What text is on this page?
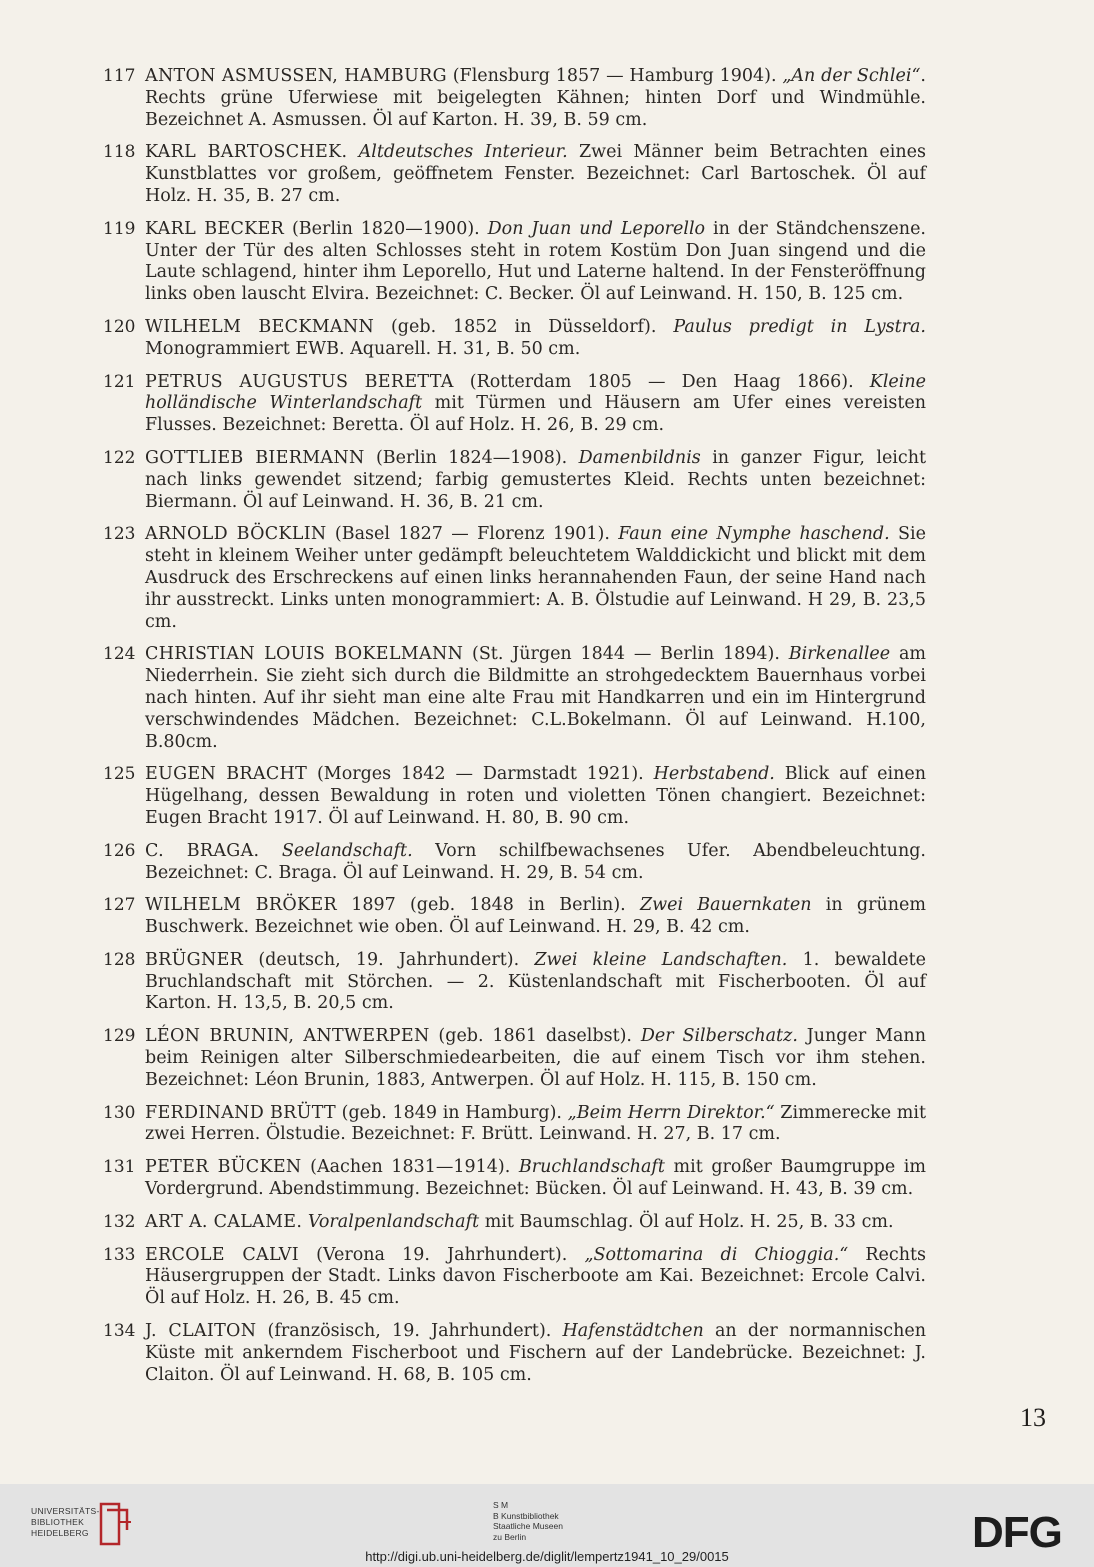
117 ANTON ASMUSSEN, HAMBURG (Flensburg 1857 — Hamburg 1904). „An der Schlei“. Rechts grüne Uferwiese mit beigelegten Kähnen; hinten Dorf und Windmühle. Bezeichnet A. Asmussen. Öl auf Karton. H. 39, B. 59 cm.
118 KARL BARTOSCHEK. Altdeutsches Interieur. Zwei Männer beim Betrachten eines Kunstblattes vor großem, geöffnetem Fenster. Bezeichnet: Carl Bartoschek. Öl auf Holz. H. 35, B. 27 cm.
119 KARL BECKER (Berlin 1820—1900). Don Juan und Leporello in der Ständchenszene. Unter der Tür des alten Schlosses steht in rotem Kostüm Don Juan singend und die Laute schlagend, hinter ihm Leporello, Hut und Laterne haltend. In der Fensteröffnung links oben lauscht Elvira. Bezeichnet: C. Becker. Öl auf Leinwand. H. 150, B. 125 cm.
120 WILHELM BECKMANN (geb. 1852 in Düsseldorf). Paulus predigt in Lystra. Monogrammiert EWB. Aquarell. H. 31, B. 50 cm.
121 PETRUS AUGUSTUS BERETTA (Rotterdam 1805 — Den Haag 1866). Kleine holländische Winterlandschaft mit Türmen und Häusern am Ufer eines vereisten Flusses. Bezeichnet: Beretta. Öl auf Holz. H. 26, B. 29 cm.
122 GOTTLIEB BIERMANN (Berlin 1824—1908). Damenbildnis in ganzer Figur, leicht nach links gewendet sitzend; farbig gemustertes Kleid. Rechts unten bezeichnet: Biermann. Öl auf Leinwand. H. 36, B. 21 cm.
123 ARNOLD BÖCKLIN (Basel 1827 — Florenz 1901). Faun eine Nymphe haschend. Sie steht in kleinem Weiher unter gedämpft beleuchtetem Walddickicht und blickt mit dem Ausdruck des Erschreckens auf einen links herannahenden Faun, der seine Hand nach ihr ausstreckt. Links unten monogrammiert: A. B. Ölstudie auf Leinwand. H 29, B. 23,5 cm.
124 CHRISTIAN LOUIS BOKELMANN (St. Jürgen 1844 — Berlin 1894). Birkenallee am Niederrhein. Sie zieht sich durch die Bildmitte an strohgedecktem Bauernhaus vorbei nach hinten. Auf ihr sieht man eine alte Frau mit Handkarren und ein im Hintergrund verschwindendes Mädchen. Bezeichnet: C.L.Bokelmann. Öl auf Leinwand. H.100, B.80cm.
125 EUGEN BRACHT (Morges 1842 — Darmstadt 1921). Herbstabend. Blick auf einen Hügelhang, dessen Bewaldung in roten und violetten Tönen changiert. Bezeichnet: Eugen Bracht 1917. Öl auf Leinwand. H. 80, B. 90 cm.
126 C. BRAGA. Seelandschaft. Vorn schilfbewachsenes Ufer. Abendbeleuchtung. Bezeichnet: C. Braga. Öl auf Leinwand. H. 29, B. 54 cm.
127 WILHELM BRÖKER 1897 (geb. 1848 in Berlin). Zwei Bauernkaten in grünem Buschwerk. Bezeichnet wie oben. Öl auf Leinwand. H. 29, B. 42 cm.
128 BRÜGNER (deutsch, 19. Jahrhundert). Zwei kleine Landschaften. 1. bewaldete Bruchlandschaft mit Störchen. — 2. Küstenlandschaft mit Fischerbooten. Öl auf Karton. H. 13,5, B. 20,5 cm.
129 LÉON BRUNIN, ANTWERPEN (geb. 1861 daselbst). Der Silberschatz. Junger Mann beim Reinigen alter Silberschmiedearbeiten, die auf einem Tisch vor ihm stehen. Bezeichnet: Léon Brunin, 1883, Antwerpen. Öl auf Holz. H. 115, B. 150 cm.
130 FERDINAND BRÜTT (geb. 1849 in Hamburg). „Beim Herrn Direktor.“ Zimmerecke mit zwei Herren. Ölstudie. Bezeichnet: F. Brütt. Leinwand. H. 27, B. 17 cm.
131 PETER BÜCKEN (Aachen 1831—1914). Bruchlandschaft mit großer Baumgruppe im Vordergrund. Abendstimmung. Bezeichnet: Bücken. Öl auf Leinwand. H. 43, B. 39 cm.
132 ART A. CALAME. Voralpenlandschaft mit Baumschlag. Öl auf Holz. H. 25, B. 33 cm.
133 ERCOLE CALVI (Verona 19. Jahrhundert). „Sottomarina di Chioggia.“ Rechts Häusergruppen der Stadt. Links davon Fischerboote am Kai. Bezeichnet: Ercole Calvi. Öl auf Holz. H. 26, B. 45 cm.
134 J. CLAITON (französisch, 19. Jahrhundert). Hafenstädtchen an der normannischen Küste mit ankerndem Fischerboot und Fischern auf der Landebrücke. Bezeichnet: J. Claiton. Öl auf Leinwand. H. 68, B. 105 cm.
13
UNIVERSITÄTS-
BIBLIOTHEK
HEIDELBERG
S M
B Kunstbibliothek
Staatliche Museen
zu Berlin	DFG
http://digi.ub.uni-heidelberg.de/diglit/lempertz1941_10_29/0015
